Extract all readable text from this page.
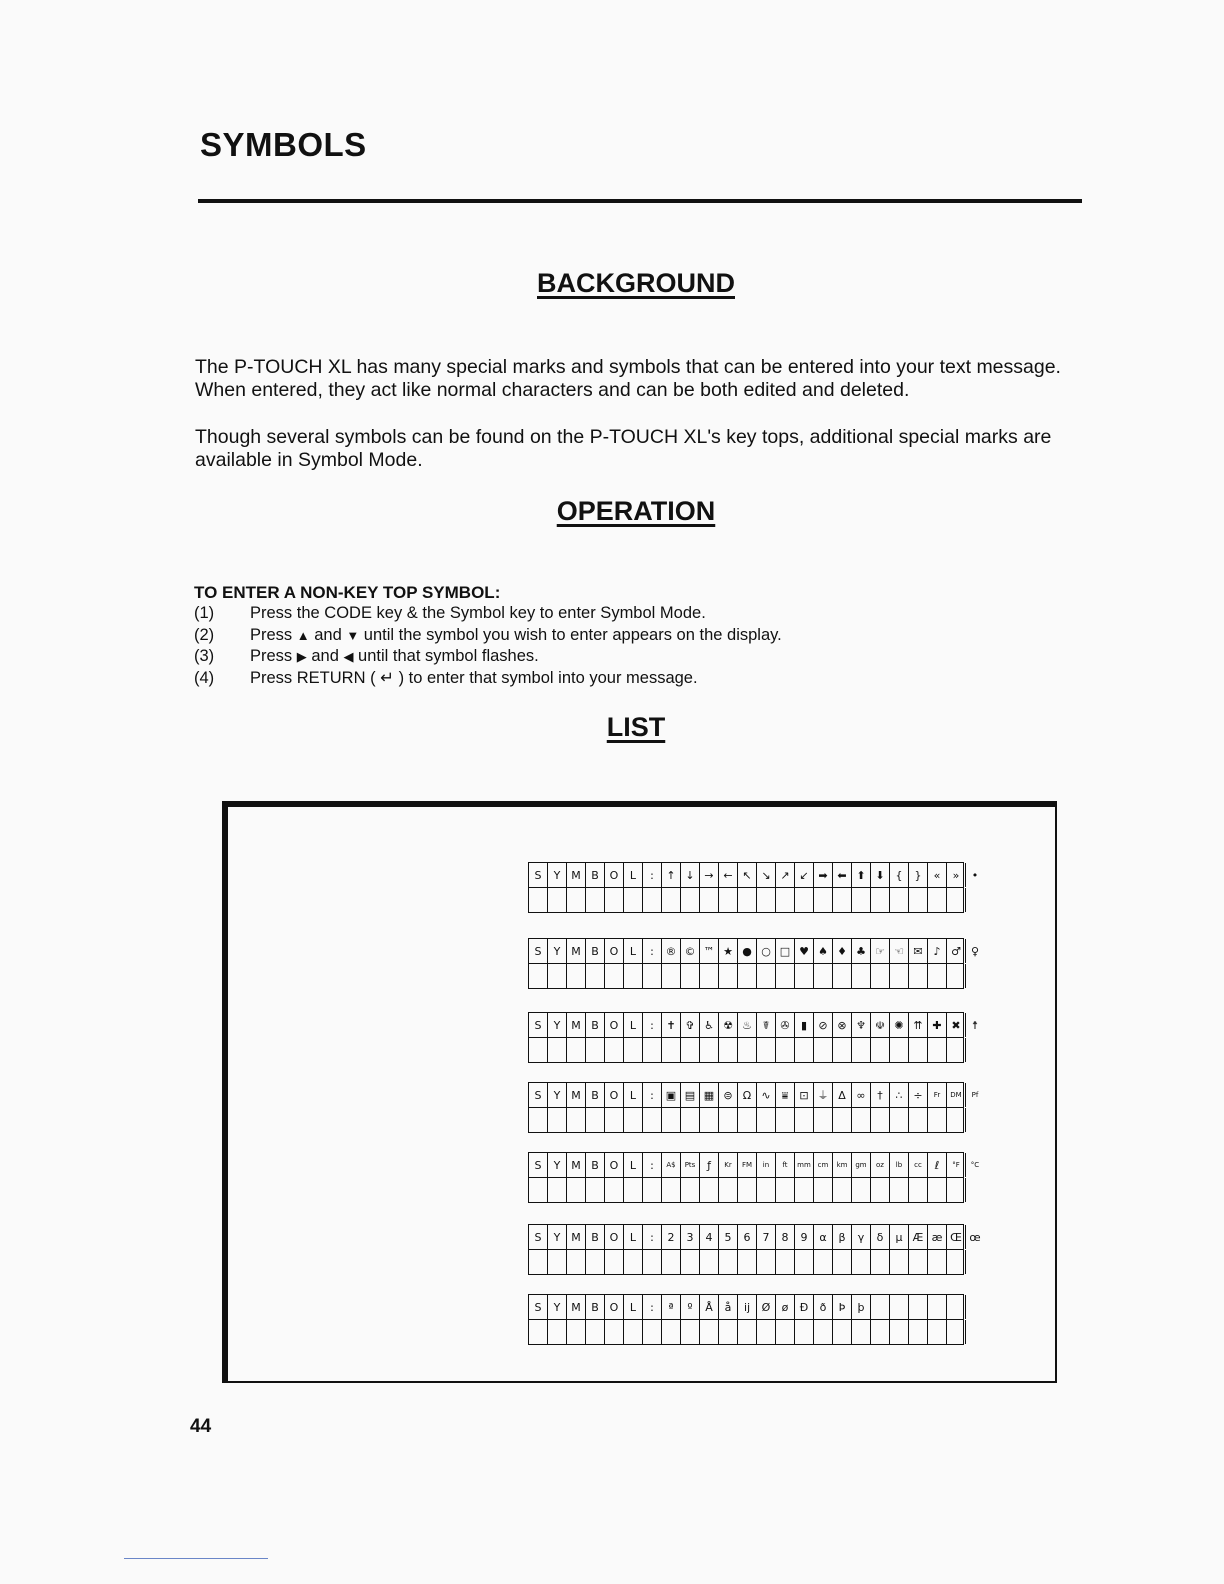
SYMBOLS
BACKGROUND

The P-TOUCH XL has many special marks and symbols that can be entered into your text message. When entered, they act like normal characters and can be both edited and deleted.

Though several symbols can be found on the P-TOUCH XL's key tops, additional special marks are available in Symbol Mode.

OPERATION

TO ENTER A NON-KEY TOP SYMBOL:

(1)	Press the CODE key & the Symbol key to enter Symbol Mode.
(2)	Press ▲ and ▼ until the symbol you wish to enter appears on the display.
(3)	Press ▶ and ◀ until that symbol flashes.
(4)	Press RETURN ( ↵ ) to enter that symbol into your message.
LIST
S	Y M B O	L	:	↑ ↓ → ← ↖ ↘ ↗ ↙ ➡ ⬅ ⬆ ⬇ {	}	«	»	•
S	Y M B O	L	:	® © ™ ★ ● ○ □ ♥ ♠ ♦ ♣ ☞ ☜ ✉ ♪ ♂ ♀
S	Y M B O	L	:	✝ ✞ ♿ ☢ ♨ ☤ ✇	▮	⊘ ⊗ ♆ ☫ ✺ ⇈ ✚ ✖	☨
S	Y M B O	L	:	▣ ▤ ▦ ⊜ Ω ∿	⩸	⊡ ⏚ Δ ∞	†	∴ ÷	Fr	DM	Pf
S	Y M B O	L	:	A$	Pts	ƒ	Kr	FM	in	ft	mm cm	km	gm	oz	lb	cc	ℓ	°F	°C
S	Y M B O	L	:	2	3	4	5	6	7	8	9	α	β	γ	δ	µ Æ æ Œ œ
S	Y M B O	L	:	ª	º	Å	å	ĳ	Ø	ø	Đ	ð	Þ	þ
44
